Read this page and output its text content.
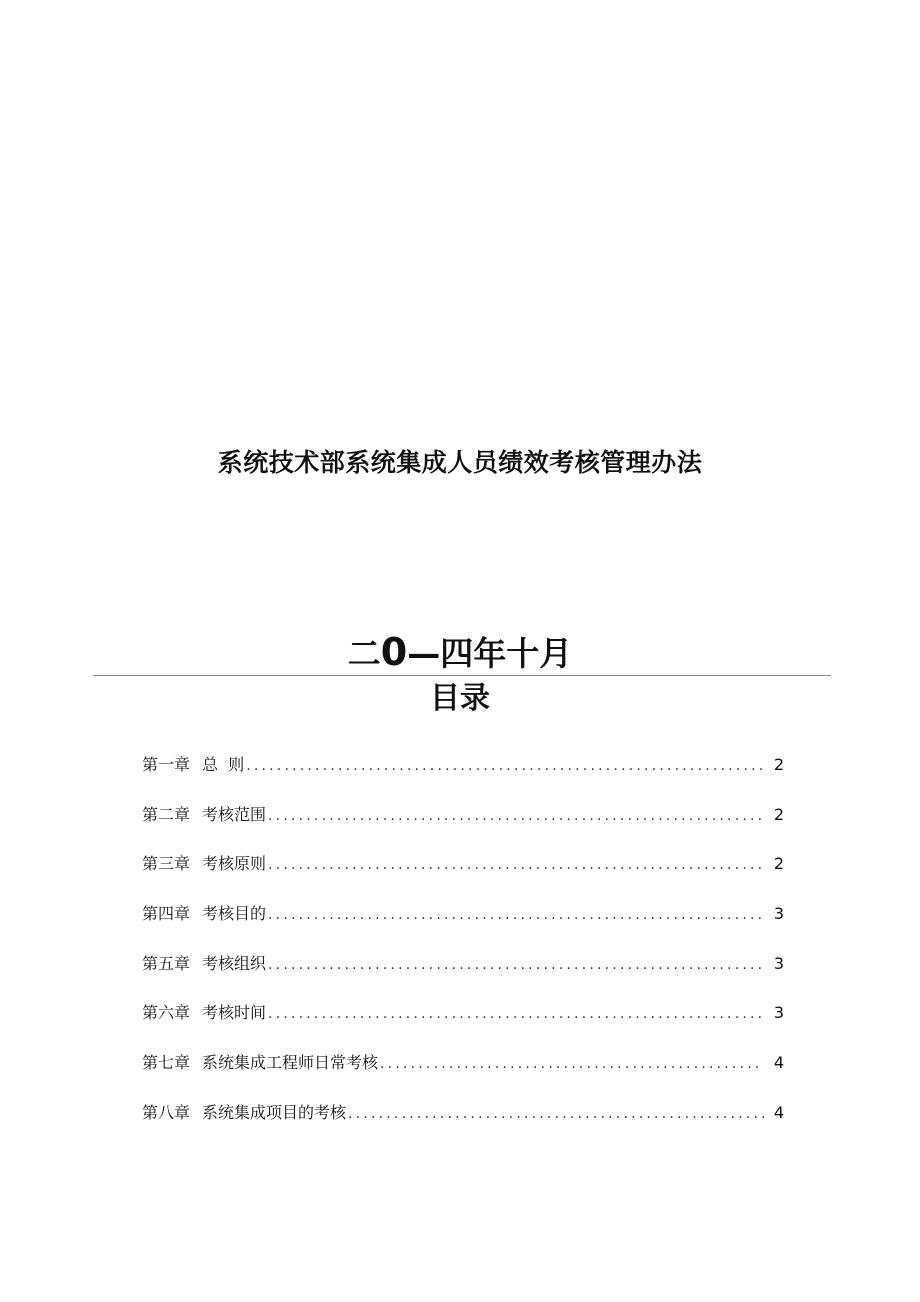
系统技术部系统集成人员绩效考核管理办法
二0—四年十月
目录
第一章 总  则 .....	2
第二章 考核范围 .....	2
第三章 考核原则 .....	2
第四章 考核目的 .....	3
第五章 考核组织 .....	3
第六章 考核时间 .....	3
第七章 系统集成工程师日常考核 .....	4
第八章 系统集成项目的考核 .....	4
